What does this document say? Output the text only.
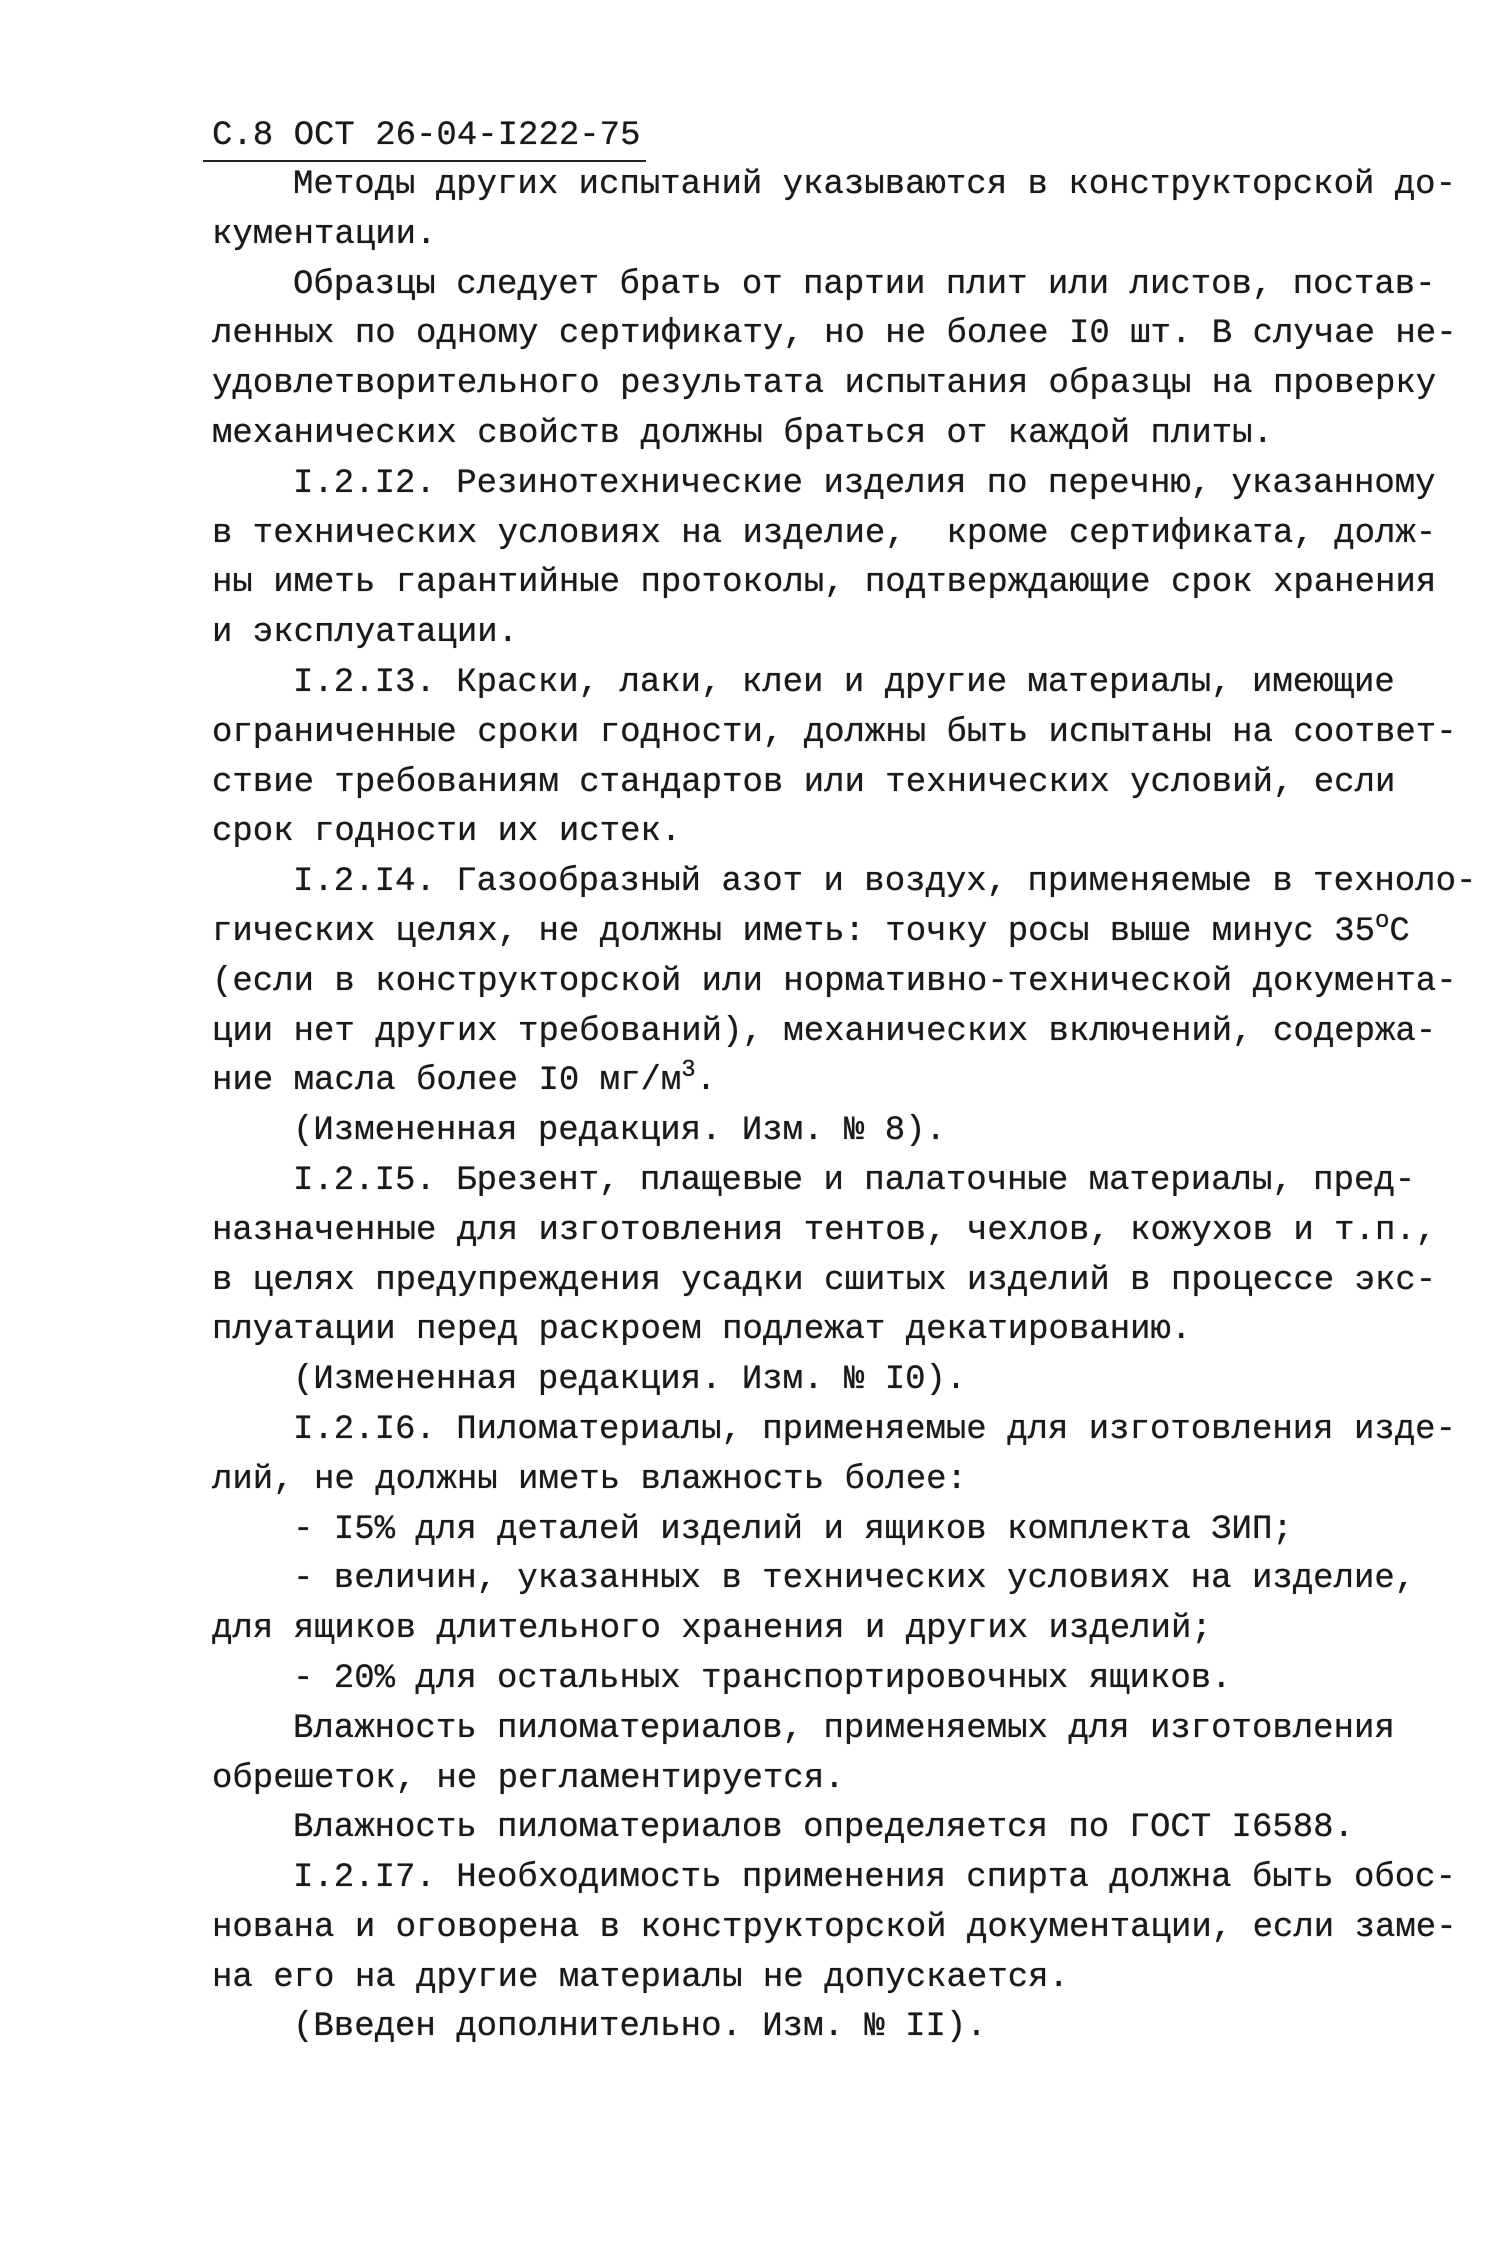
С.8 ОСТ 26-04-I222-75
Методы других испытаний указываются в конструкторской до-
кументации.
Образцы следует брать от партии плит или листов, постав-
ленных по одному сертификату, но не более I0 шт. В случае не-
удовлетворительного результата испытания образцы на проверку
механических свойств должны браться от каждой плиты.
I.2.I2. Резинотехнические изделия по перечню, указанному
в технических условиях на изделие,  кроме сертификата, долж-
ны иметь гарантийные протоколы, подтверждающие срок хранения
и эксплуатации.
I.2.I3. Краски, лаки, клеи и другие материалы, имеющие
ограниченные сроки годности, должны быть испытаны на соответ-
ствие требованиям стандартов или технических условий, если
срок годности их истек.
I.2.I4. Газообразный азот и воздух, применяемые в техноло-
гических целях, не должны иметь: точку росы выше минус $35^оС$
(если в конструкторской или нормативно-технической документа-
ции нет других требований), механических включений, содержа-
ние масла более I0 $мг/м^3$.
(Измененная редакция. Изм. № 8).
I.2.I5. Брезент, плащевые и палаточные материалы, пред-
назначенные для изготовления тентов, чехлов, кожухов и т.п.,
в целях предупреждения усадки сшитых изделий в процессе экс-
плуатации перед раскроем подлежат декатированию.
(Измененная редакция. Изм. № I0).
I.2.I6. Пиломатериалы, применяемые для изготовления изде-
лий, не должны иметь влажность более:
- I5% для деталей изделий и ящиков комплекта ЗИП;
- величин, указанных в технических условиях на изделие,
для ящиков длительного хранения и других изделий;
- 20% для остальных транспортировочных ящиков.
Влажность пиломатериалов, применяемых для изготовления
обрешеток, не регламентируется.
Влажность пиломатериалов определяется по ГОСТ I6588.
I.2.I7. Необходимость применения спирта должна быть обос-
нована и оговорена в конструкторской документации, если заме-
на его на другие материалы не допускается.
(Введен дополнительно. Изм. № II).
